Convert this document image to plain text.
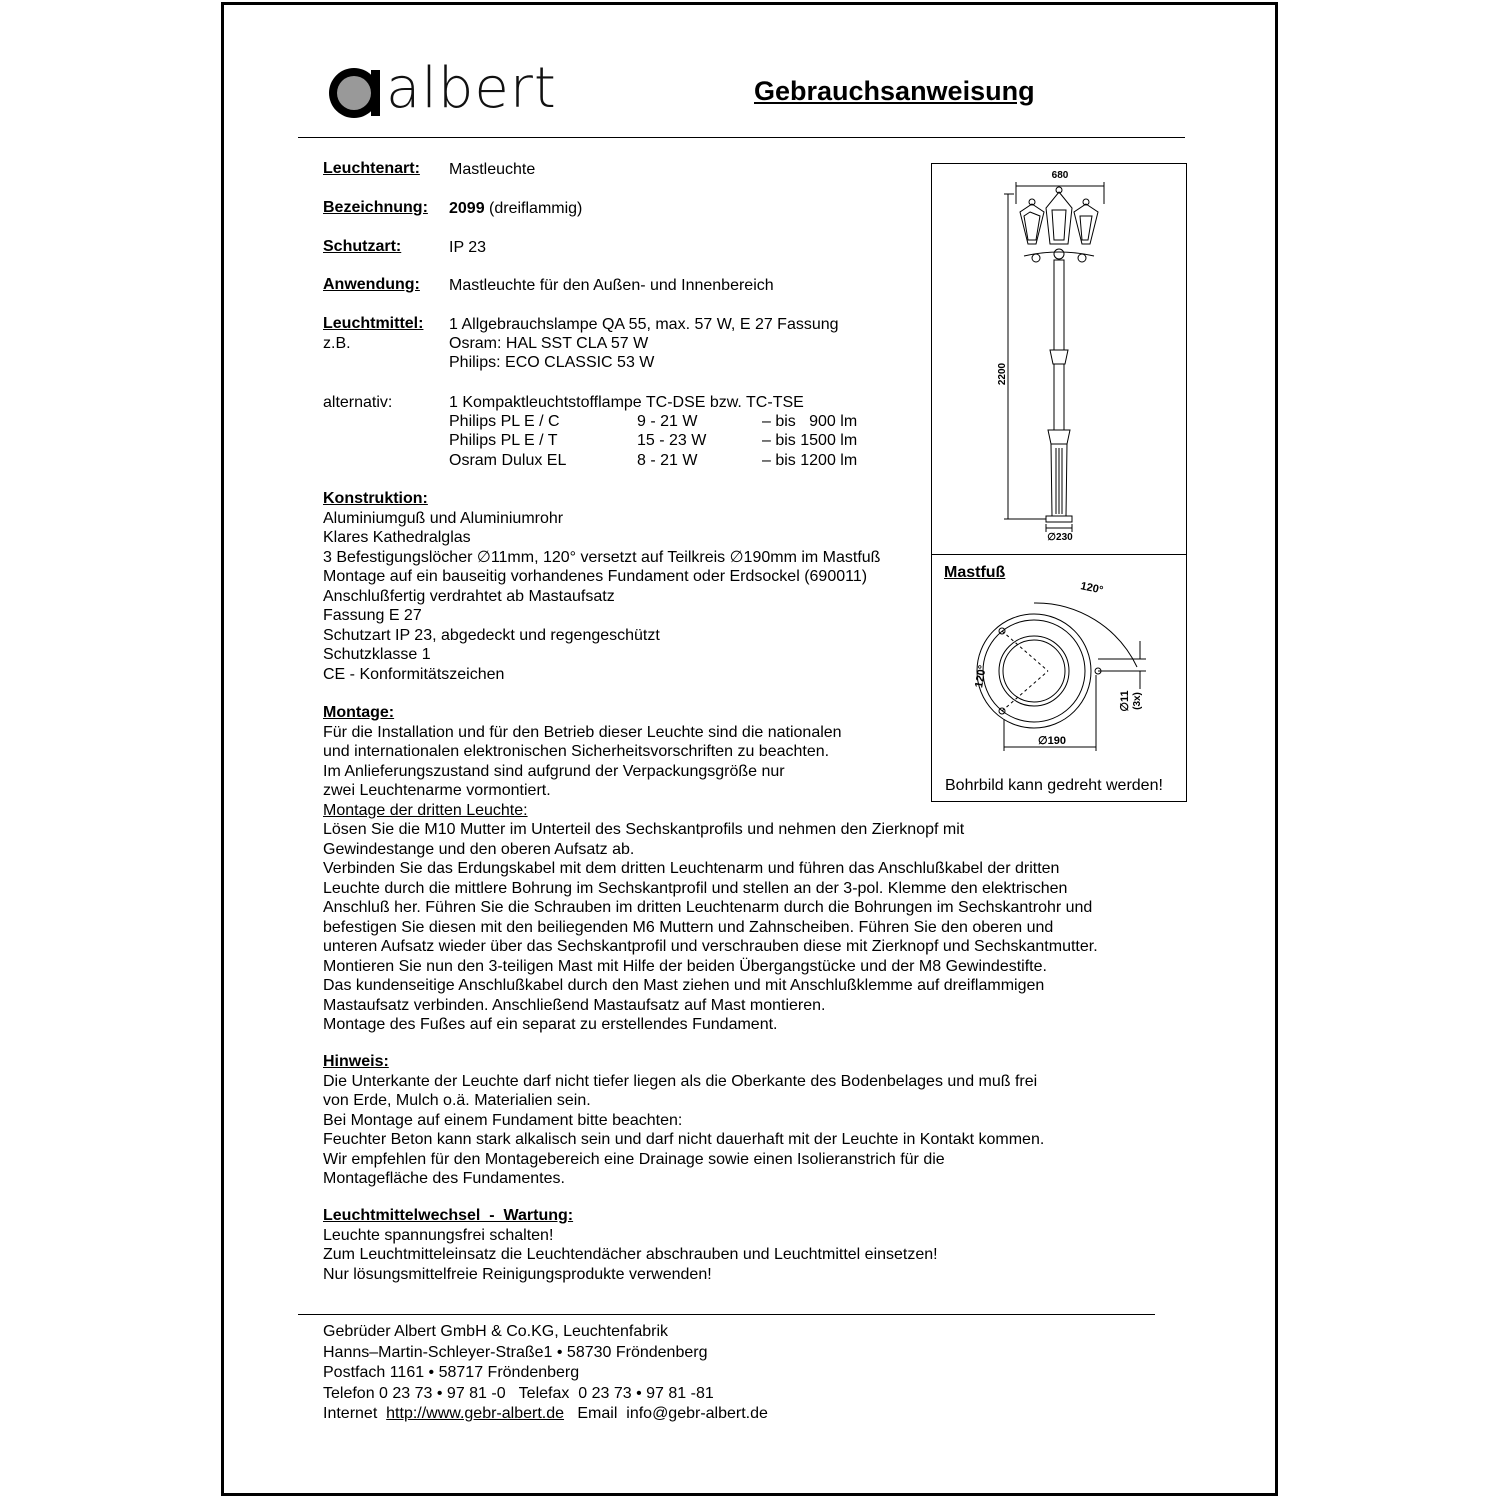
albert	Gebrauchsanweisung
Leuchtenart: Mastleuchte
Bezeichnung: 2099 (dreiflammig)
Schutzart:	IP 23
Anwendung: Mastleuchte für den Außen- und Innenbereich
Leuchtmittel: 1 Allgebrauchslampe QA 55, max. 57 W, E 27 Fassung
z.B.	Osram: HAL SST CLA 57 W
Philips: ECO CLASSIC 53 W
alternativ:	1 Kompaktleuchtstofflampe TC-DSE bzw. TC-TSE
Philips PL E / C	9 - 21 W	– bis   900 lm
Philips PL E / T	15 - 23 W	– bis 1500 lm
Osram Dulux EL	8 - 21 W	– bis 1200 lm
Konstruktion:
Aluminiumguß und Aluminiumrohr
Klares Kathedralglas
3 Befestigungslöcher ∅11mm, 120° versetzt auf Teilkreis ∅190mm im Mastfuß
Montage auf ein bauseitig vorhandenes Fundament oder Erdsockel (690011)
Anschlußfertig verdrahtet ab Mastaufsatz
Fassung E 27
Schutzart IP 23, abgedeckt und regengeschützt
Schutzklasse 1
CE - Konformitätszeichen
Montage:
Für die Installation und für den Betrieb dieser Leuchte sind die nationalen
und internationalen elektronischen Sicherheitsvorschriften zu beachten.
Im Anlieferungszustand sind aufgrund der Verpackungsgröße nur
zwei Leuchtenarme vormontiert.
Montage der dritten Leuchte:
Lösen Sie die M10 Mutter im Unterteil des Sechskantprofils und nehmen den Zierknopf mit
Gewindestange und den oberen Aufsatz ab.
Verbinden Sie das Erdungskabel mit dem dritten Leuchtenarm und führen das Anschlußkabel der dritten
Leuchte durch die mittlere Bohrung im Sechskantprofil und stellen an der 3-pol. Klemme den elektrischen
Anschluß her. Führen Sie die Schrauben im dritten Leuchtenarm durch die Bohrungen im Sechskantrohr und
befestigen Sie diesen mit den beiliegenden M6 Muttern und Zahnscheiben. Führen Sie den oberen und
unteren Aufsatz wieder über das Sechskantprofil und verschrauben diese mit Zierknopf und Sechskantmutter.
Montieren Sie nun den 3-teiligen Mast mit Hilfe der beiden Übergangstücke und der M8 Gewindestifte.
Das kundenseitige Anschlußkabel durch den Mast ziehen und mit Anschlußklemme auf dreiflammigen
Mastaufsatz verbinden. Anschließend Mastaufsatz auf Mast montieren.
Montage des Fußes auf ein separat zu erstellendes Fundament.
Hinweis:
Die Unterkante der Leuchte darf nicht tiefer liegen als die Oberkante des Bodenbelages und muß frei
von Erde, Mulch o.ä. Materialien sein.
Bei Montage auf einem Fundament bitte beachten:
Feuchter Beton kann stark alkalisch sein und darf nicht dauerhaft mit der Leuchte in Kontakt kommen.
Wir empfehlen für den Montagebereich eine Drainage sowie einen Isolieranstrich für die
Montagefläche des Fundamentes.
Leuchtmittelwechsel  -  Wartung:
Leuchte spannungsfrei schalten!
Zum Leuchtmitteleinsatz die Leuchtendächer abschrauben und Leuchtmittel einsetzen!
Nur lösungsmittelfreie Reinigungsprodukte verwenden!
Gebrüder Albert GmbH & Co.KG, Leuchtenfabrik
Hanns–Martin-Schleyer-Straße1 • 58730 Fröndenberg
Postfach 1161 • 58717 Fröndenberg
Telefon 0 23 73 • 97 81 -0   Telefax  0 23 73 • 97 81 -81
Internet  http://www.gebr-albert.de   Email  info@gebr-albert.de
680
2200
∅230
Mastfuß
120°
120°
∅11 (3x)
∅190
Bohrbild kann gedreht werden!
